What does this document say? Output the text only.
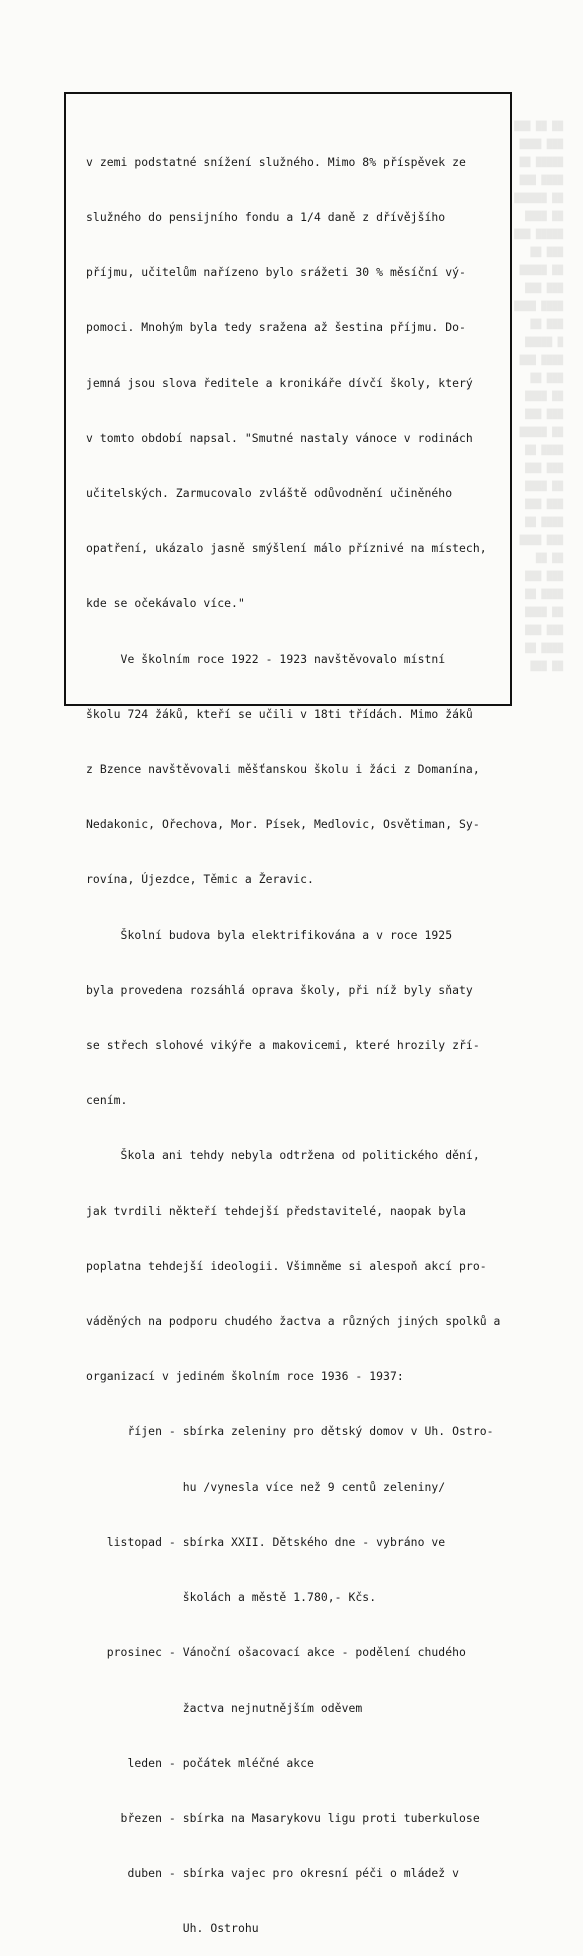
███ ██ ██
████ ███
██ █████
███ ████
██████ ██
████ ██
███ █████
██ ███
█████ ██
███ ███
████ ████
██ ███
█████ █
███ ████
██ ███
████ ██
███ ███
█████ ██
██ ████
███ ███
████ ██
███ ███
██ ████
████ ███
██ ██
███ ███
██ ████
████ ██
███ ███
██ ████
███ ██

v zemi podstatné snížení služného. Mimo 8% příspěvek ze

služného do pensijního fondu a 1/4 daně z dřívějšího

příjmu, učitelům nařízeno bylo srážeti 30 % měsíční vý-

pomoci. Mnohým byla tedy sražena až šestina příjmu. Do-

jemná jsou slova ředitele a kronikáře dívčí školy, který

v tomto období napsal. "Smutné nastaly vánoce v rodinách

učitelských. Zarmucovalo zvláště odůvodnění učiněného

opatření, ukázalo jasně smýšlení málo příznivé na místech,

kde se očekávalo více."

Ve školním roce 1922 - 1923 navštěvovalo místní

školu 724 žáků, kteří se učili v 18ti třídách. Mimo žáků

z Bzence navštěvovali měšťanskou školu i žáci z Domanína,

Nedakonic, Ořechova, Mor. Písek, Medlovic, Osvětiman, Sy-

rovína, Újezdce, Těmic a Žeravic.

Školní budova byla elektrifikována a v roce 1925

byla provedena rozsáhlá oprava školy, při níž byly sňaty

se střech slohové vikýře a makovicemi, které hrozily zří-

cením.

Škola ani tehdy nebyla odtržena od politického dění,

jak tvrdili někteří tehdejší představitelé, naopak byla

poplatna tehdejší ideologii. Všimněme si alespoň akcí pro-

váděných na podporu chudého žactva a různých jiných spolků a

organizací v jediném školním roce 1936 - 1937:

říjen - sbírka zeleniny pro dětský domov v Uh. Ostro-

hu /vynesla více než 9 centů zeleniny/

listopad - sbírka XXII. Dětského dne - vybráno ve

školách a městě 1.780,- Kčs.

prosinec - Vánoční ošacovací akce - podělení chudého

žactva nejnutnějším oděvem

leden - počátek mléčné akce

březen - sbírka na Masarykovu ligu proti tuberkulose

duben - sbírka vajec pro okresní péči o mládež v

Uh. Ostrohu
